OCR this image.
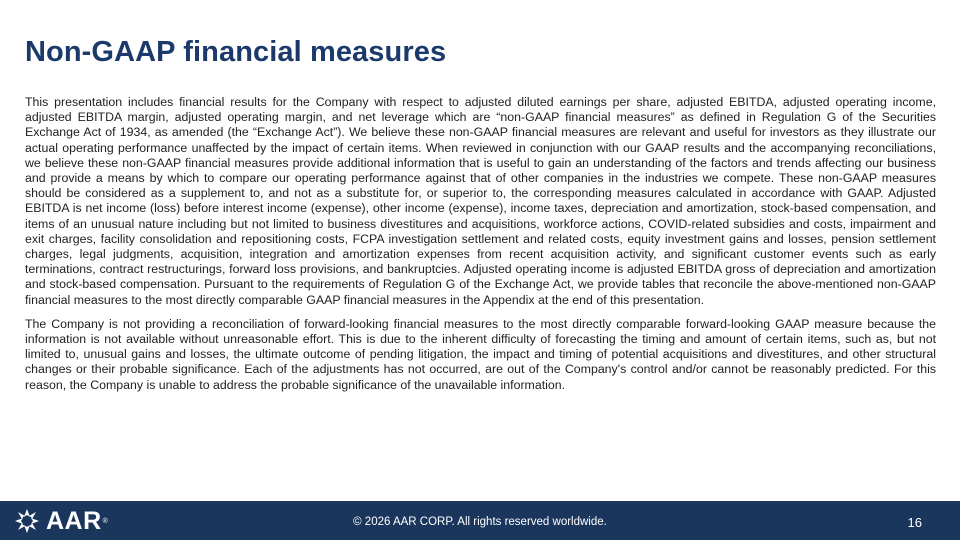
Non-GAAP financial measures

This presentation includes financial results for the Company with respect to adjusted diluted earnings per share, adjusted EBITDA, adjusted operating income, adjusted EBITDA margin, adjusted operating margin, and net leverage which are “non-GAAP financial measures” as defined in Regulation G of the Securities Exchange Act of 1934, as amended (the “Exchange Act”). We believe these non-GAAP financial measures are relevant and useful for investors as they illustrate our actual operating performance unaffected by the impact of certain items. When reviewed in conjunction with our GAAP results and the accompanying reconciliations, we believe these non-GAAP financial measures provide additional information that is useful to gain an understanding of the factors and trends affecting our business and provide a means by which to compare our operating performance against that of other companies in the industries we compete. These non-GAAP measures should be considered as a supplement to, and not as a substitute for, or superior to, the corresponding measures calculated in accordance with GAAP. Adjusted EBITDA is net income (loss) before interest income (expense), other income (expense), income taxes, depreciation and amortization, stock-based compensation, and items of an unusual nature including but not limited to business divestitures and acquisitions, workforce actions, COVID-related subsidies and costs, impairment and exit charges, facility consolidation and repositioning costs, FCPA investigation settlement and related costs, equity investment gains and losses, pension settlement charges, legal judgments, acquisition, integration and amortization expenses from recent acquisition activity, and significant customer events such as early terminations, contract restructurings, forward loss provisions, and bankruptcies. Adjusted operating income is adjusted EBITDA gross of depreciation and amortization and stock-based compensation. Pursuant to the requirements of Regulation G of the Exchange Act, we provide tables that reconcile the above-mentioned non-GAAP financial measures to the most directly comparable GAAP financial measures in the Appendix at the end of this presentation.

The Company is not providing a reconciliation of forward-looking financial measures to the most directly comparable forward-looking GAAP measure because the information is not available without unreasonable effort. This is due to the inherent difficulty of forecasting the timing and amount of certain items, such as, but not limited to, unusual gains and losses, the ultimate outcome of pending litigation, the impact and timing of potential acquisitions and divestitures, and other structural changes or their probable significance. Each of the adjustments has not occurred, are out of the Company's control and/or cannot be reasonably predicted. For this reason, the Company is unable to address the probable significance of the unavailable information.

AAR ®	© 2026 AAR CORP. All rights reserved worldwide.	16
